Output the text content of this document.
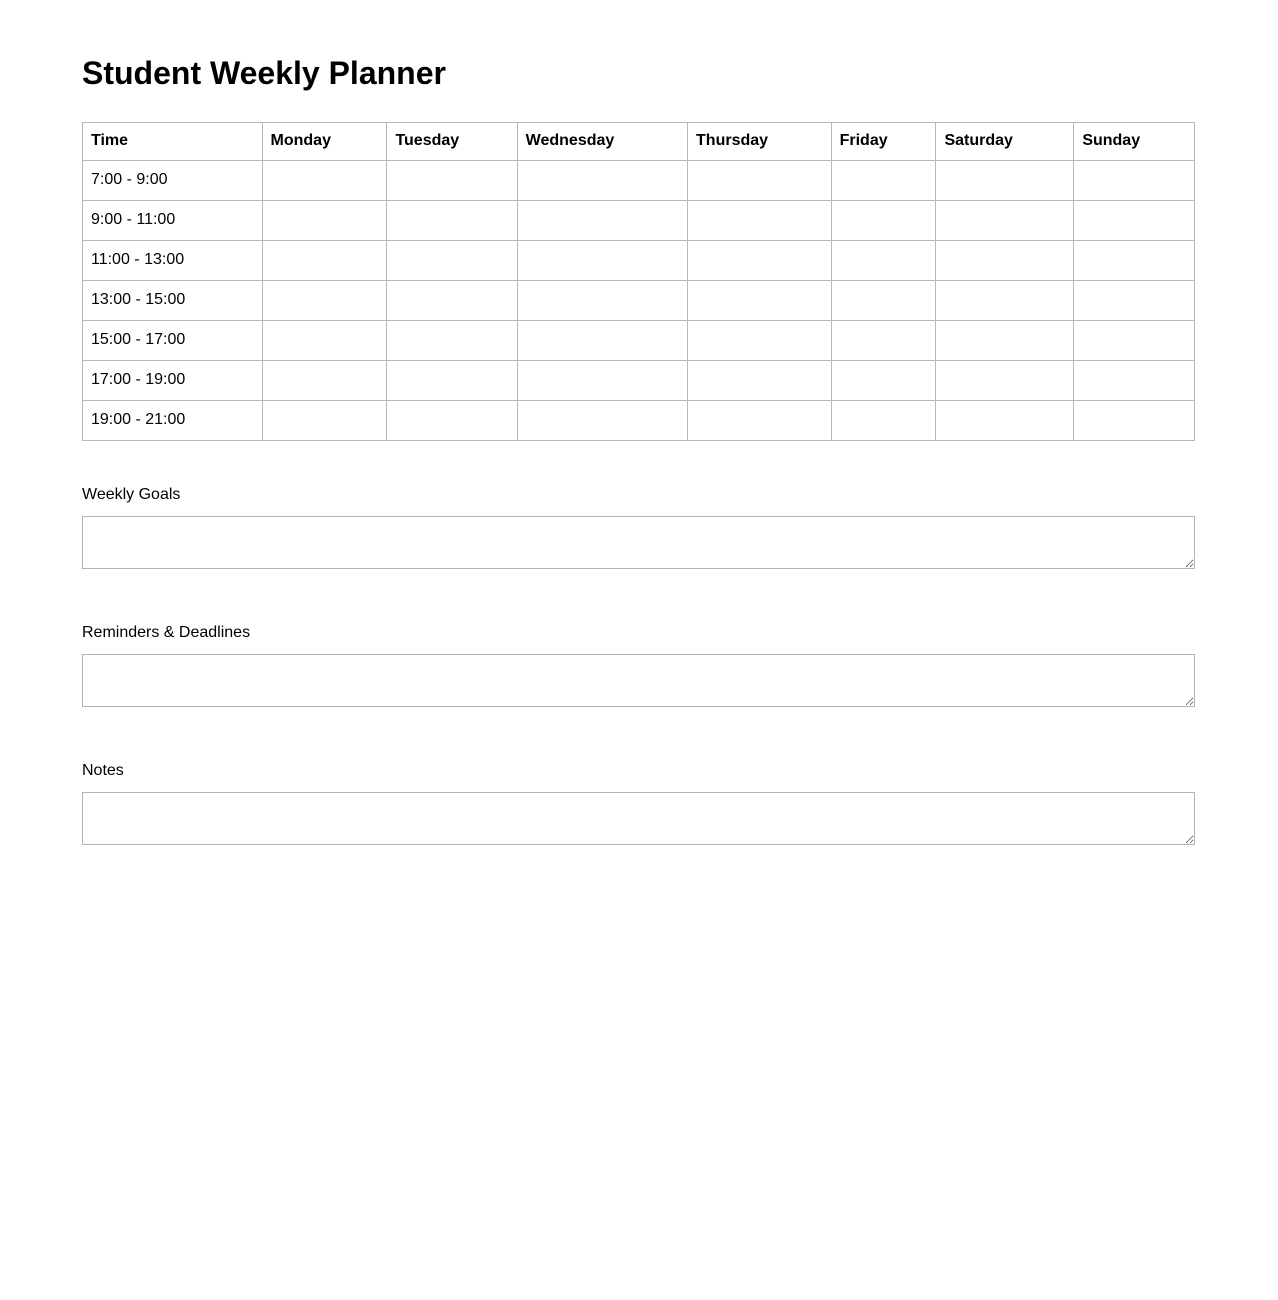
Student Weekly Planner
Time	Monday	Tuesday	Wednesday	Thursday	Friday	Saturday	Sunday
7:00 - 9:00							
9:00 - 11:00							
11:00 - 13:00							
13:00 - 15:00							
15:00 - 17:00							
17:00 - 19:00							
19:00 - 21:00							
Weekly Goals
Reminders & Deadlines
Notes
